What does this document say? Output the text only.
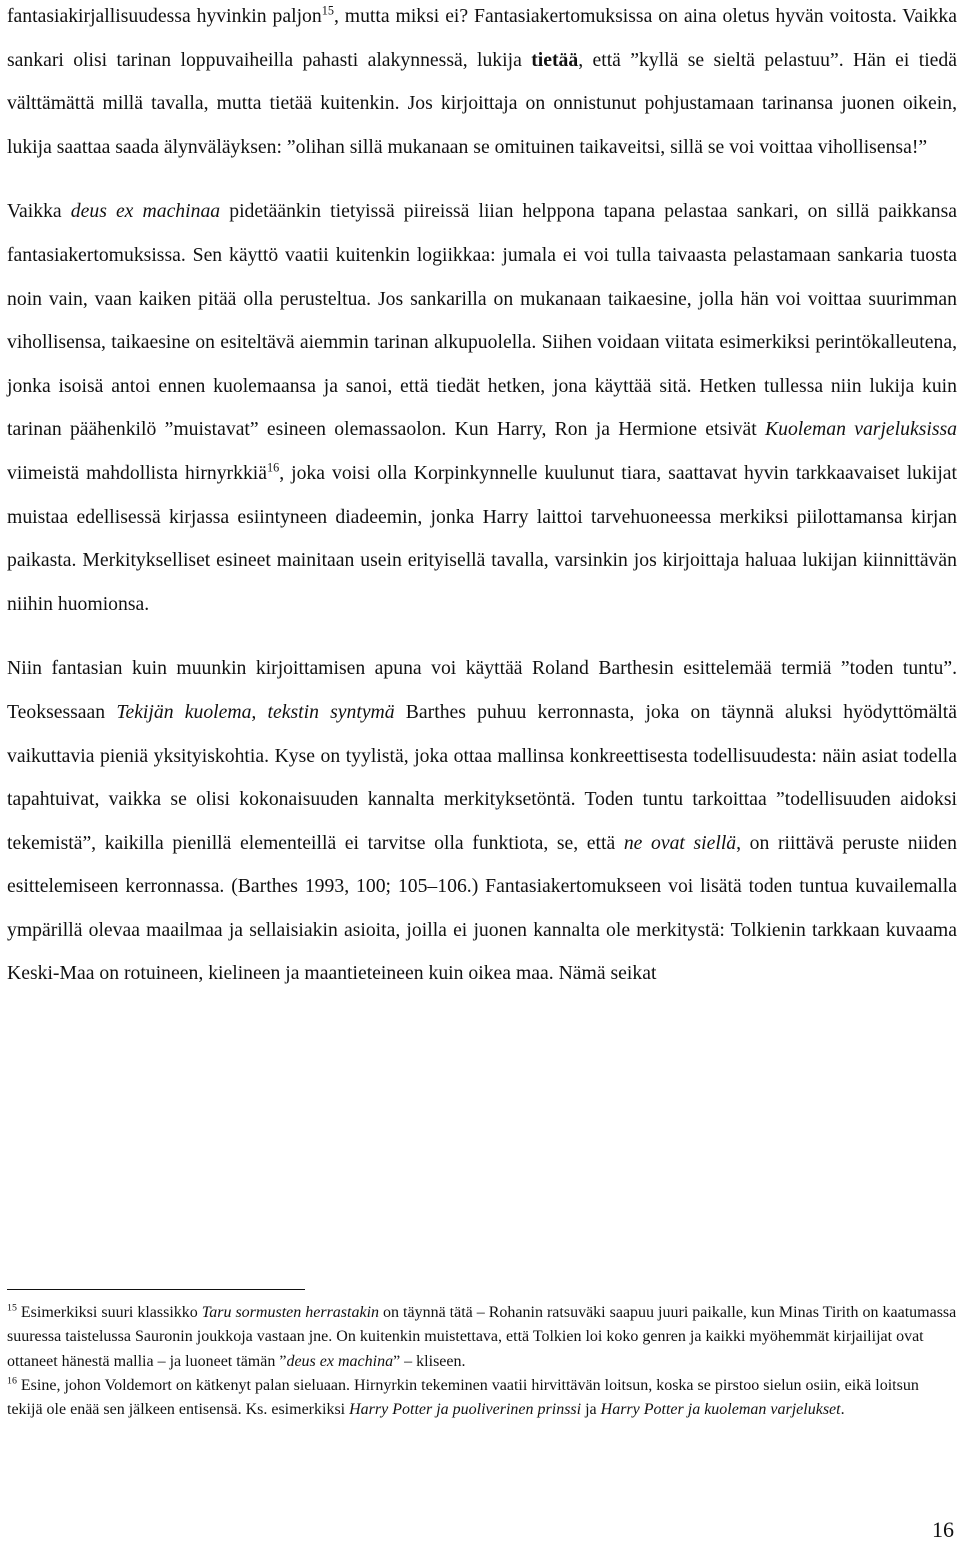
fantasiakirjallisuudessa hyvinkin paljon$^{15}$, mutta miksi ei? Fantasiakertomuksissa on aina oletus hyvän voitosta. Vaikka sankari olisi tarinan loppuvaiheilla pahasti alakynnessä, lukija tietää, että ”kyllä se sieltä pelastuu”. Hän ei tiedä välttämättä millä tavalla, mutta tietää kuitenkin. Jos kirjoittaja on onnistunut pohjustamaan tarinansa juonen oikein, lukija saattaa saada älynväläyksen: ”olihan sillä mukanaan se omituinen taikaveitsi, sillä se voi voittaa vihollisensa!”

Vaikka deus ex machinaa pidetäänkin tietyissä piireissä liian helppona tapana pelastaa sankari, on sillä paikkansa fantasiakertomuksissa. Sen käyttö vaatii kuitenkin logiikkaa: jumala ei voi tulla taivaasta pelastamaan sankaria tuosta noin vain, vaan kaiken pitää olla perusteltua. Jos sankarilla on mukanaan taikaesine, jolla hän voi voittaa suurimman vihollisensa, taikaesine on esiteltävä aiemmin tarinan alkupuolella. Siihen voidaan viitata esimerkiksi perintökalleutena, jonka isoisä antoi ennen kuolemaansa ja sanoi, että tiedät hetken, jona käyttää sitä. Hetken tullessa niin lukija kuin tarinan päähenkilö ”muistavat” esineen olemassaolon. Kun Harry, Ron ja Hermione etsivät Kuoleman varjeluksissa viimeistä mahdollista hirnyrkkiä$^{16}$, joka voisi olla Korpinkynnelle kuulunut tiara, saattavat hyvin tarkkaavaiset lukijat muistaa edellisessä kirjassa esiintyneen diadeemin, jonka Harry laittoi tarvehuoneessa merkiksi piilottamansa kirjan paikasta. Merkitykselliset esineet mainitaan usein erityisellä tavalla, varsinkin jos kirjoittaja haluaa lukijan kiinnittävän niihin huomionsa.

Niin fantasian kuin muunkin kirjoittamisen apuna voi käyttää Roland Barthesin esittelemää termiä ”toden tuntu”. Teoksessaan Tekijän kuolema, tekstin syntymä Barthes puhuu kerronnasta, joka on täynnä aluksi hyödyttömältä vaikuttavia pieniä yksityiskohtia. Kyse on tyylistä, joka ottaa mallinsa konkreettisesta todellisuudesta: näin asiat todella tapahtuivat, vaikka se olisi kokonaisuuden kannalta merkityksetöntä. Toden tuntu tarkoittaa ”todellisuuden aidoksi tekemistä”, kaikilla pienillä elementeillä ei tarvitse olla funktiota, se, että ne ovat siellä, on riittävä peruste niiden esittelemiseen kerronnassa. (Barthes 1993, 100; 105–106.) Fantasiakertomukseen voi lisätä toden tuntua kuvailemalla ympärillä olevaa maailmaa ja sellaisiakin asioita, joilla ei juonen kannalta ole merkitystä: Tolkienin tarkkaan kuvaama Keski-Maa on rotuineen, kielineen ja maantieteineen kuin oikea maa. Nämä seikat

$^{15}$ Esimerkiksi suuri klassikko Taru sormusten herrastakin on täynnä tätä – Rohanin ratsuväki saapuu juuri paikalle, kun Minas Tirith on kaatumassa suuressa taistelussa Sauronin joukkoja vastaan jne. On kuitenkin muistettava, että Tolkien loi koko genren ja kaikki myöhemmät kirjailijat ovat ottaneet hänestä mallia – ja luoneet tämän ”deus ex machina” – kliseen.

$^{16}$ Esine, johon Voldemort on kätkenyt palan sieluaan. Hirnyrkin tekeminen vaatii hirvittävän loitsun, koska se pirstoo sielun osiin, eikä loitsun tekijä ole enää sen jälkeen entisensä. Ks. esimerkiksi Harry Potter ja puoliverinen prinssi ja Harry Potter ja kuoleman varjelukset.

16
